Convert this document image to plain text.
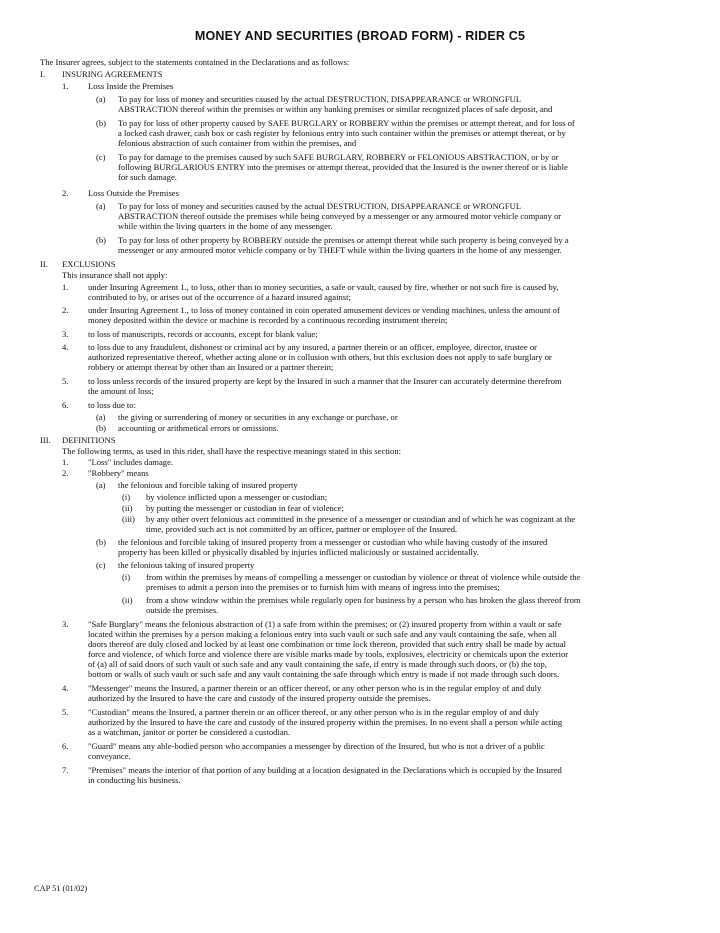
MONEY AND SECURITIES (BROAD FORM) - RIDER C5
The Insurer agrees, subject to the statements contained in the Declarations and as follows:
I. INSURING AGREEMENTS
1. Loss Inside the Premises
(a) To pay for loss of money and securities caused by the actual DESTRUCTION, DISAPPEARANCE or WRONGFUL
ABSTRACTION thereof within the premises or within any banking premises or similar recognized places of safe deposit, and
(b) To pay for loss of other property caused by SAFE BURGLARY or ROBBERY within the premises or attempt thereat, and for loss of
a locked cash drawer, cash box or cash register by felonious entry into such container within the premises or attempt thereat, or by
felonious abstraction of such container from within the premises, and
(c) To pay for damage to the premises caused by such SAFE BURGLARY, ROBBERY or FELONIOUS ABSTRACTION, or by or
following BURGLARIOUS ENTRY into the premises or attempt thereat, provided that the Insured is the owner thereof or is liable
for such damage.
2. Loss Outside the Premises
(a) To pay for loss of money and securities caused by the actual DESTRUCTION, DISAPPEARANCE or WRONGFUL
ABSTRACTION thereof outside the premises while being conveyed by a messenger or any armoured motor vehicle company or
while within the living quarters in the home of any messenger.
(b) To pay for loss of other property by ROBBERY outside the premises or attempt thereat while such property is being conveyed by a
messenger or any armoured motor vehicle company or by THEFT while within the living quarters in the home of any messenger.
II. EXCLUSIONS
This insurance shall not apply:
1. under Insuring Agreement 1., to loss, other than to money securities, a safe or vault, caused by fire, whether or not such fire is caused by,
contributed to by, or arises out of the occurrence of a hazard insured against;
2. under Insuring Agreement 1., to loss of money contained in coin operated amusement devices or vending machines, unless the amount of
money deposited within the device or machine is recorded by a continuous recording instrument therein;
3. to loss of manuscripts, records or accounts, except for blank value;
4. to loss due to any fraudulent, dishonest or criminal act by any insured, a partner therein or an officer, employee, director, trustee or
authorized representative thereof, whether acting alone or in collusion with others, but this exclusion does not apply to safe burglary or
robbery or attempt thereat by other than an Insured or a partner therein;
5. to loss unless records of the insured property are kept by the Insured in such a manner that the Insurer can accurately determine therefrom
the amount of loss;
6. to loss due to:
(a) the giving or surrendering of money or securities in any exchange or purchase, or
(b) accounting or arithmetical errors or omissions.
III. DEFINITIONS
The following terms, as used in this rider, shall have the respective meanings stated in this section:
1. "Loss" includes damage.
2. "Robbery" means
(a) the felonious and forcible taking of insured property
(i) by violence inflicted upon a messenger or custodian;
(ii) by putting the messenger or custodian in fear of violence;
(iii) by any other overt felonious act committed in the presence of a messenger or custodian and of which he was cognizant at the
time, provided such act is not committed by an officer, partner or employee of the Insured.
(b) the felonious and forcible taking of insured property from a messenger or custodian who while having custody of the insured
property has been killed or physically disabled by injuries inflicted maliciously or sustained accidentally.
(c) the felonious taking of insured property
(i) from within the premises by means of compelling a messenger or custodian by violence or threat of violence while outside the
premises to admit a person into the premises or to furnish him with means of ingress into the premises;
(ii) from a show window within the premises while regularly open for business by a person who has broken the glass thereof from
outside the premises.
3. "Safe Burglary" means the felonious abstraction of (1) a safe from within the premises; or (2) insured property from within a vault or safe
located within the premises by a person making a felonious entry into such vault or such safe and any vault containing the safe, when all
doors thereof are duly closed and locked by at least one combination or time lock thereon, provided that such entry shall be made by actual
force and violence, of which force and violence there are visible marks made by tools, explosives, electricity or chemicals upon the exterior
of (a) all of said doors of such vault or such safe and any vault containing the safe, if entry is made through such doors, or (b) the top,
bottom or walls of such vault or such safe and any vault containing the safe through which entry is made if not made through such doors.
4. "Messenger" means the Insured, a partner therein or an officer thereof, or any other person who is in the regular employ of and duly
authorized by the Insured to have the care and custody of the insured property outside the premises.
5. "Custodian" means the Insured, a partner therein or an officer thereof, or any other person who is in the regular employ of and duly
authorized by the Insured to have the care and custody of the insured property within the premises. In no event shall a person while acting
as a watchman, janitor or porter be considered a custodian.
6. "Guard" means any able-bodied person who accompanies a messenger by direction of the Insured, but who is not a driver of a public
conveyance.
7. "Premises" means the interior of that portion of any building at a location designated in the Declarations which is occupied by the Insured
in conducting his business.
CAP 51 (01/02)
